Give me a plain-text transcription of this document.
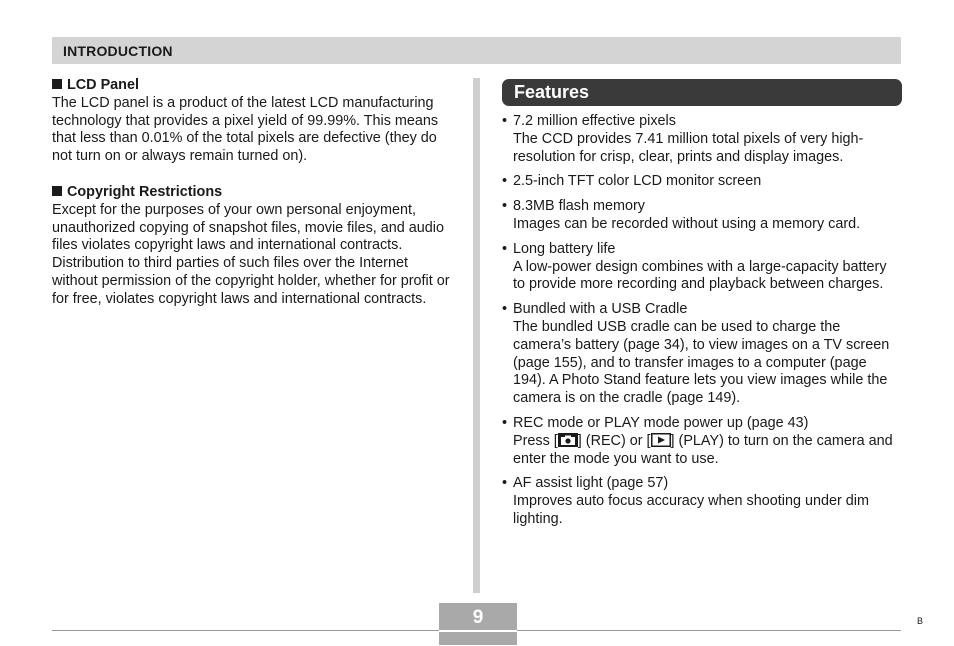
INTRODUCTION
LCD Panel
The LCD panel is a product of the latest LCD manufacturing technology that provides a pixel yield of 99.99%. This means that less than 0.01% of the total pixels are defective (they do not turn on or always remain turned on).
Copyright Restrictions
Except for the purposes of your own personal enjoyment, unauthorized copying of snapshot files, movie files, and audio files violates copyright laws and international contracts.
Distribution to third parties of such files over the Internet without permission of the copyright holder, whether for profit or for free, violates copyright laws and international contracts.
Features
• 7.2 million effective pixels
The CCD provides 7.41 million total pixels of very high-resolution for crisp, clear, prints and display images.
• 2.5-inch TFT color LCD monitor screen
• 8.3MB flash memory
Images can be recorded without using a memory card.
• Long battery life
A low-power design combines with a large-capacity battery to provide more recording and playback between charges.
• Bundled with a USB Cradle
The bundled USB cradle can be used to charge the camera’s battery (page 34), to view images on a TV screen (page 155), and to transfer images to a computer (page 194). A Photo Stand feature lets you view images while the camera is on the cradle (page 149).
• REC mode or PLAY mode power up (page 43)
Press [ ] (REC) or [ ] (PLAY) to turn on the camera and enter the mode you want to use.
• AF assist light (page 57)
Improves auto focus accuracy when shooting under dim lighting.
9	B
